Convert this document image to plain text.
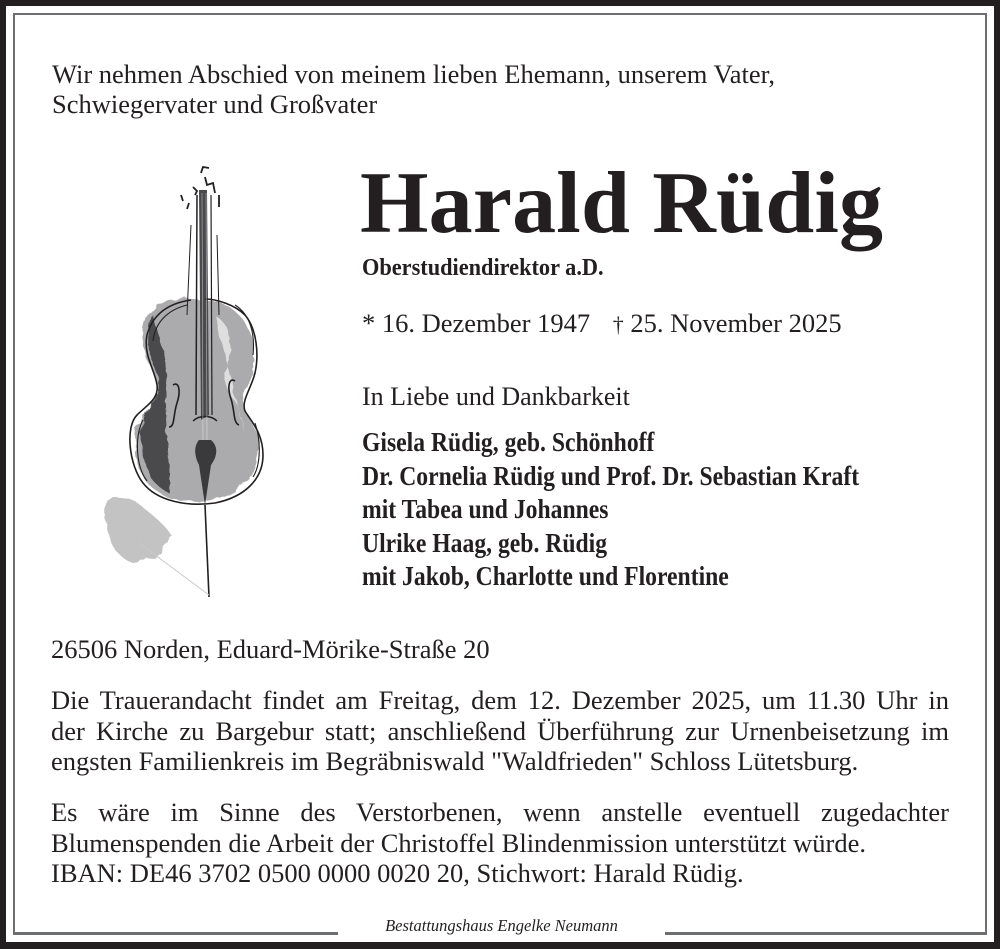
Wir nehmen Abschied von meinem lieben Ehemann, unserem Vater,
Schwiegervater und Großvater
Harald Rüdig
Oberstudiendirektor a.D.
* 16. Dezember 1947 † 25. November 2025
In Liebe und Dankbarkeit
Gisela Rüdig, geb. Schönhoff
Dr. Cornelia Rüdig und Prof. Dr. Sebastian Kraft
mit Tabea und Johannes
Ulrike Haag, geb. Rüdig
mit Jakob, Charlotte und Florentine
26506 Norden, Eduard-Mörike-Straße 20
Die Trauerandacht findet am Freitag, dem 12. Dezember 2025, um 11.30 Uhr in
der Kirche zu Bargebur statt; anschließend Überführung zur Urnenbeisetzung im
engsten Familienkreis im Begräbniswald "Waldfrieden" Schloss Lütetsburg.
Es wäre im Sinne des Verstorbenen, wenn anstelle eventuell zugedachter
Blumenspenden die Arbeit der Christoffel Blindenmission unterstützt würde.
IBAN: DE46 3702 0500 0000 0020 20, Stichwort: Harald Rüdig.
Bestattungshaus Engelke Neumann
